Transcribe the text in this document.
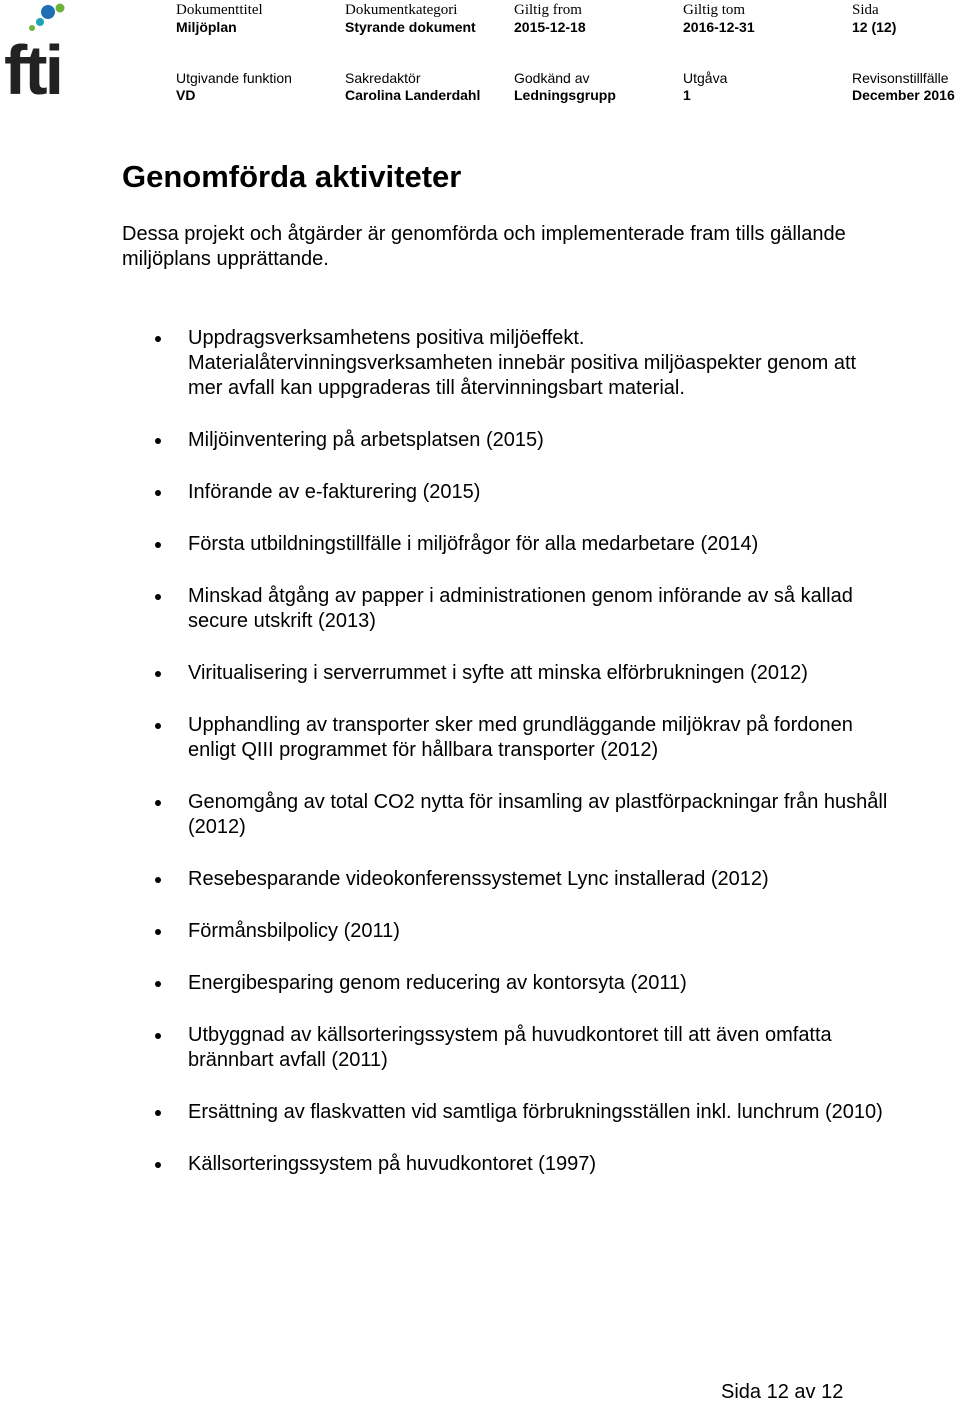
fti
Dokumenttitel
Miljöplan
Dokumentkategori
Styrande dokument
Giltig from
2015-12-18
Giltig tom
2016-12-31
Sida
12 (12)
Utgivande funktion
VD
Sakredaktör
Carolina Landerdahl
Godkänd av
Ledningsgrupp
Utgåva
1
Revisonstillfälle
December 2016
Genomförda aktiviteter

Dessa projekt och åtgärder är genomförda och implementerade fram tills gällande miljöplans upprättande.

Uppdragsverksamhetens positiva miljöeffekt. Materialåtervinningsverksamheten innebär positiva miljöaspekter genom att mer avfall kan uppgraderas till återvinningsbart material.
Miljöinventering på arbetsplatsen (2015)
Införande av e-fakturering (2015)
Första utbildningstillfälle i miljöfrågor för alla medarbetare (2014)
Minskad åtgång av papper i administrationen genom införande av så kallad secure utskrift (2013)
Viritualisering i serverrummet i syfte att minska elförbrukningen (2012)
Upphandling av transporter sker med grundläggande miljökrav på fordonen enligt QIII programmet för hållbara transporter (2012)
Genomgång av total CO2 nytta för insamling av plastförpackningar från hushåll (2012)
Resebesparande videokonferenssystemet Lync installerad (2012)
Förmånsbilpolicy (2011)
Energibesparing genom reducering av kontorsyta (2011)
Utbyggnad av källsorteringssystem på huvudkontoret till att även omfatta brännbart avfall (2011)
Ersättning av flaskvatten vid samtliga förbrukningsställen inkl. lunchrum (2010)
Källsorteringssystem på huvudkontoret (1997)
Sida 12 av 12
